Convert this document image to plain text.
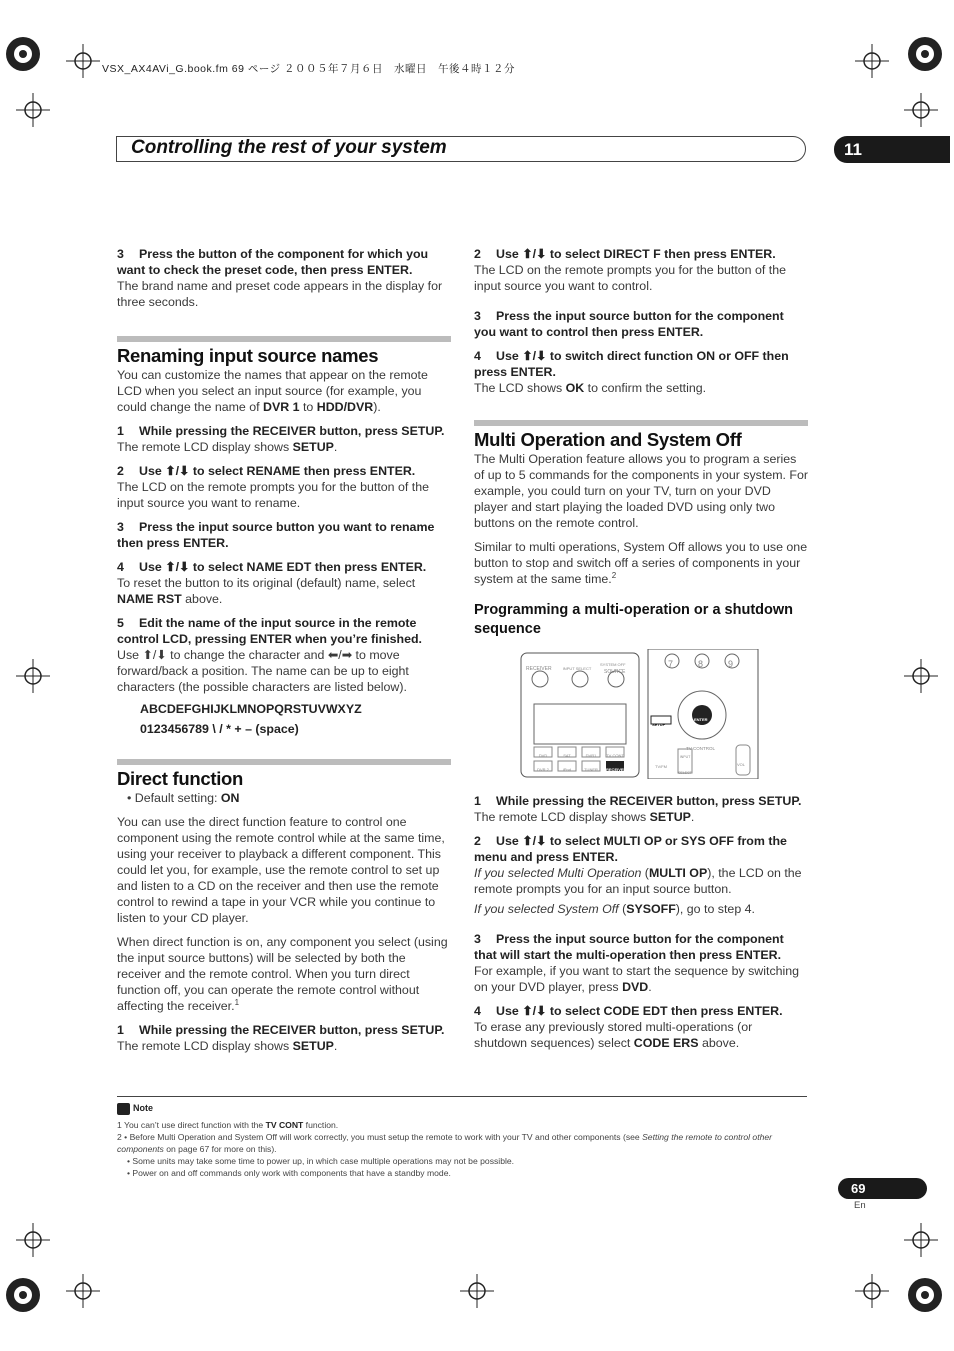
VSX_AX4AVi_G.book.fm 69 ページ ２００５年７月６日　水曜日　午後４時１２分
Controlling the rest of your system	11

3 Press the button of the component for which you want to check the preset code, then press ENTER.

The brand name and preset code appears in the display for three seconds.

Renaming input source names

You can customize the names that appear on the remote LCD when you select an input source (for example, you could change the name of DVR 1 to HDD/DVR).

1 While pressing the RECEIVER button, press SETUP.

The remote LCD display shows SETUP.

2 Use ⬆/⬇ to select RENAME then press ENTER.

The LCD on the remote prompts you for the button of the input source you want to rename.

3 Press the input source button you want to rename then press ENTER.

4 Use ⬆/⬇ to select NAME EDT then press ENTER.

To reset the button to its original (default) name, select NAME RST above.

5 Edit the name of the input source in the remote control LCD, pressing ENTER when you’re finished.

Use ⬆/⬇ to change the character and ⬅/➡ to move forward/back a position. The name can be up to eight characters (the possible characters are listed below).

ABCDEFGHIJKLMNOPQRSTUVWXYZ
0123456789 \ / * + – (space)

Direct function

• Default setting: ON

You can use the direct function feature to control one component using the remote control while at the same time, using your receiver to playback a different component. This could let you, for example, use the remote control to set up and listen to a CD on the receiver and then use the remote control to rewind a tape in your VCR while you continue to listen to your CD player.

When direct function is on, any component you select (using the input source buttons) will be selected by both the receiver and the remote control. When you turn direct function off, you can operate the remote control without affecting the receiver.$^1$

1 While pressing the RECEIVER button, press SETUP.

The remote LCD display shows SETUP.

2 Use ⬆/⬇ to select DIRECT F then press ENTER.

The LCD on the remote prompts you for the button of the input source you want to control.

3 Press the input source button for the component you want to control then press ENTER.

4 Use ⬆/⬇ to switch direct function ON or OFF then press ENTER.

The LCD shows OK to confirm the setting.

Multi Operation and System Off

The Multi Operation feature allows you to program a series of up to 5 commands for the components in your system. For example, you could turn on your TV, turn on your DVD player and start playing the loaded DVD using only two buttons on the remote control.

Similar to multi operations, System Off allows you to use one button to stop and switch off a series of components in your system at the same time.$^2$

Programming a multi-operation or a shutdown sequence
RECEIVER	INPUT SELECT
SYSTEM OFF
SOURCE
DVD	SAT	DVR1	TV CONT
DVR 2	iPod	TUNER	RECEIVER
7	8	9
SETUP
ENTER
TV CONTROL
TV/FM
INPUT SELECT
VOL

1 While pressing the RECEIVER button, press SETUP.

The remote LCD display shows SETUP.

2 Use ⬆/⬇ to select MULTI OP or SYS OFF from the menu and press ENTER.

If you selected Multi Operation (MULTI OP), the LCD on the remote prompts you for an input source button.

If you selected System Off (SYSOFF), go to step 4.

3 Press the input source button for the component that will start the multi-operation then press ENTER.

For example, if you want to start the sequence by switching on your DVD player, press DVD.

4 Use ⬆/⬇ to select CODE EDT then press ENTER.

To erase any previously stored multi-operations (or shutdown sequences) select CODE ERS above.

Note
1 You can’t use direct function with the TV CONT function.
2 • Before Multi Operation and System Off will work correctly, you must setup the remote to work with your TV and other components (see Setting the remote to control other components on page 67 for more on this).
• Some units may take some time to power up, in which case multiple operations may not be possible.
• Power on and off commands only work with components that have a standby mode.
69
En
